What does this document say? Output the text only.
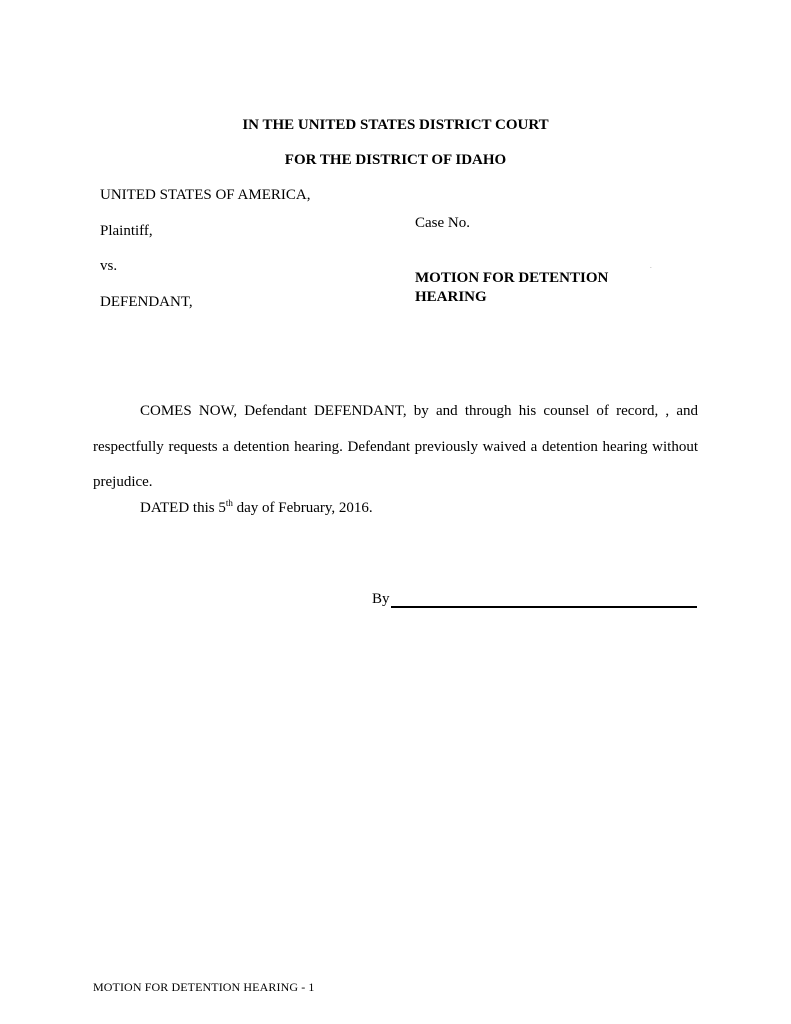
IN THE UNITED STATES DISTRICT COURT
FOR THE DISTRICT OF IDAHO
UNITED STATES OF AMERICA,
Plaintiff,
vs.
DEFENDANT,
Case No.
MOTION FOR DETENTION
HEARING
.
COMES NOW, Defendant DEFENDANT, by and through his counsel of record, , and respectfully requests a detention hearing. Defendant previously waived a detention hearing without prejudice.
DATED this 5th day of February, 2016.
By
MOTION FOR DETENTION HEARING - 1
